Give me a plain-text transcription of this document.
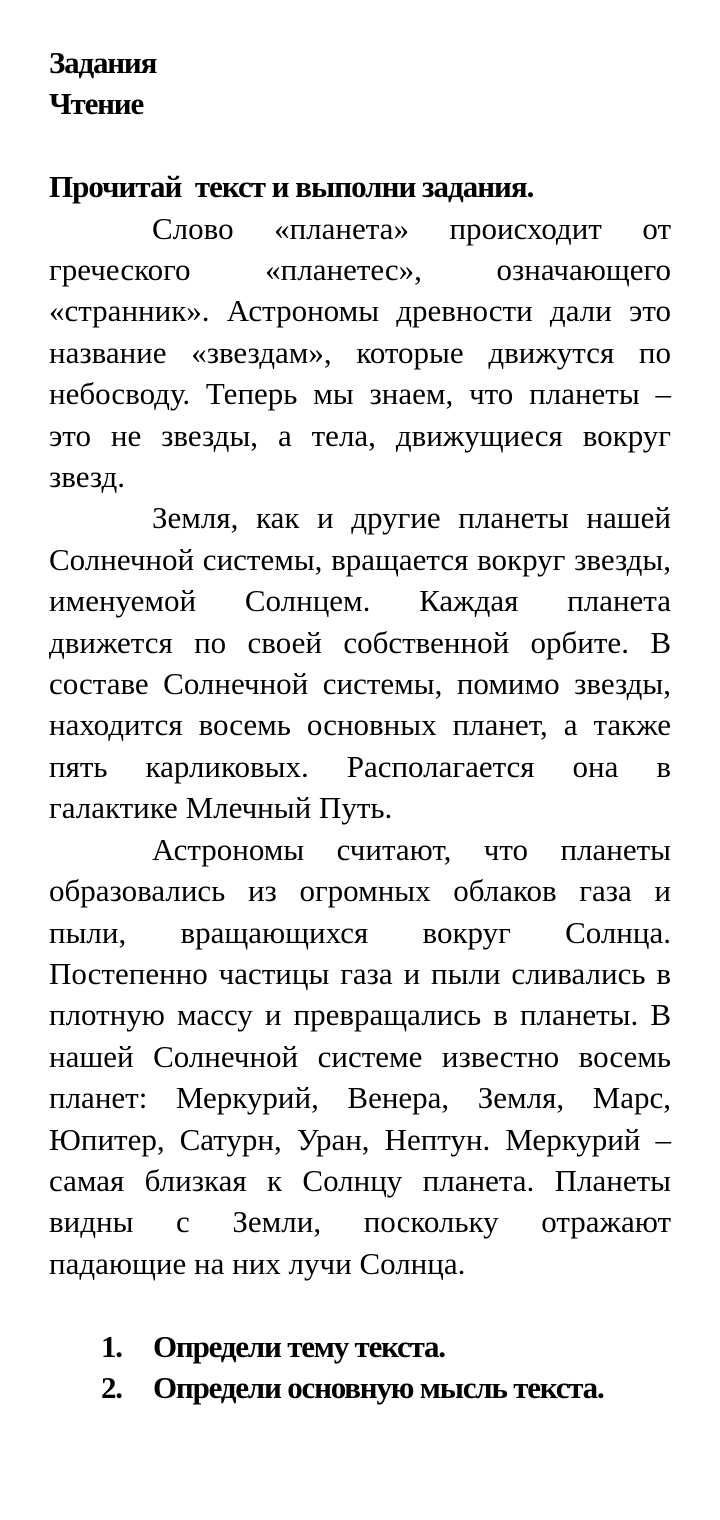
Задания

Чтение

Прочитай  текст и выполни задания.

Слово «планета» происходит от греческого «планетес», означающего «странник». Астрономы древности дали это название «звездам», которые движутся по небосводу. Теперь мы знаем, что планеты – это не звезды, а тела, движущиеся вокруг звезд.

Земля, как и другие планеты нашей Солнечной системы, вращается вокруг звезды, именуемой Солнцем. Каждая планета движется по своей собственной орбите. В составе Солнечной системы, помимо звезды, находится восемь основных планет, а также пять карликовых. Располагается она в галактике Млечный Путь.

Астрономы считают, что планеты образовались из огромных облаков газа и пыли, вращающихся вокруг Солнца. Постепенно частицы газа и пыли сливались в плотную массу и превращались в планеты. В нашей Солнечной системе известно восемь планет: Меркурий, Венера, Земля, Марс, Юпитер, Сатурн, Уран, Нептун. Меркурий – самая близкая к Солнцу планета. Планеты видны с Земли, поскольку отражают падающие на них лучи Солнца.

1. Определи тему текста.
2. Определи основную мысль текста.
